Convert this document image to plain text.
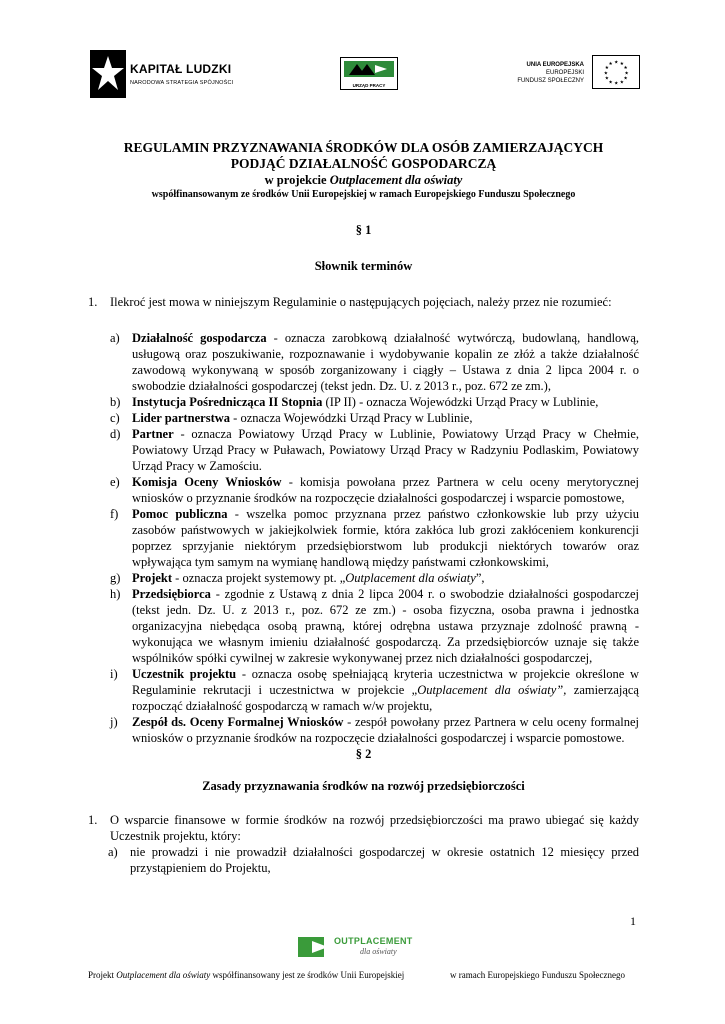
KAPITAŁ LUDZKI
NARODOWA STRATEGIA SPÓJNOŚCI	URZĄD PRACY
UNIA EUROPEJSKA
EUROPEJSKI
FUNDUSZ SPOŁECZNY
★ ★
★
★
★
★
★
★
★
★
★
★
REGULAMIN PRZYZNAWANIA ŚRODKÓW DLA OSÓB ZAMIERZAJĄCYCH
PODJĄĆ DZIAŁALNOŚĆ GOSPODARCZĄ
w projekcie Outplacement dla oświaty
współfinansowanym ze środków Unii Europejskiej w ramach Europejskiego Funduszu Społecznego
§ 1
Słownik terminów
1. Ilekroć jest mowa w niniejszym Regulaminie o następujących pojęciach, należy przez nie rozumieć:
a) Działalność gospodarcza - oznacza zarobkową działalność wytwórczą, budowlaną, handlową, usługową oraz poszukiwanie, rozpoznawanie i wydobywanie kopalin ze złóż a także działalność zawodową wykonywaną w sposób zorganizowany i ciągły – Ustawa z dnia 2 lipca 2004 r. o swobodzie działalności gospodarczej (tekst jedn. Dz. U. z 2013 r., poz. 672 ze zm.),
b) Instytucja Pośrednicząca II Stopnia (IP II) - oznacza Wojewódzki Urząd Pracy w Lublinie,
c) Lider partnerstwa - oznacza Wojewódzki Urząd Pracy w Lublinie,
d) Partner - oznacza Powiatowy Urząd Pracy w Lublinie, Powiatowy Urząd Pracy w Chełmie, Powiatowy Urząd Pracy w Puławach, Powiatowy Urząd Pracy w Radzyniu Podlaskim, Powiatowy Urząd Pracy w Zamościu.
e) Komisja Oceny Wniosków - komisja powołana przez Partnera w celu oceny merytorycznej wniosków o przyznanie środków na rozpoczęcie działalności gospodarczej i wsparcie pomostowe,
f) Pomoc publiczna - wszelka pomoc przyznana przez państwo członkowskie lub przy użyciu zasobów państwowych w jakiejkolwiek formie, która zakłóca lub grozi zakłóceniem konkurencji poprzez sprzyjanie niektórym przedsiębiorstwom lub produkcji niektórych towarów oraz wpływająca tym samym na wymianę handlową między państwami członkowskimi,
g) Projekt - oznacza projekt systemowy pt. „Outplacement dla oświaty”,
h) Przedsiębiorca - zgodnie z Ustawą z dnia 2 lipca 2004 r. o swobodzie działalności gospodarczej (tekst jedn. Dz. U. z 2013 r., poz. 672 ze zm.) - osoba fizyczna, osoba prawna i jednostka organizacyjna niebędąca osobą prawną, której odrębna ustawa przyznaje zdolność prawną - wykonująca we własnym imieniu działalność gospodarczą. Za przedsiębiorców uznaje się także wspólników spółki cywilnej w zakresie wykonywanej przez nich działalności gospodarczej,
i) Uczestnik projektu - oznacza osobę spełniającą kryteria uczestnictwa w projekcie określone w Regulaminie rekrutacji i uczestnictwa w projekcie „Outplacement dla oświaty”, zamierzającą rozpocząć działalność gospodarczą w ramach w/w projektu,
j) Zespół ds. Oceny Formalnej Wniosków - zespół powołany przez Partnera w celu oceny formalnej wniosków o przyznanie środków na rozpoczęcie działalności gospodarczej i wsparcie pomostowe.
§ 2
Zasady przyznawania środków na rozwój przedsiębiorczości
1. O wsparcie finansowe w formie środków na rozwój przedsiębiorczości ma prawo ubiegać się każdy Uczestnik projektu, który:
a) nie prowadzi i nie prowadził działalności gospodarczej w okresie ostatnich 12 miesięcy przed przystąpieniem do Projektu,
1
OUTPLACEMENT
dla oświaty
Projekt Outplacement dla oświaty współfinansowany jest ze środków Unii Europejskiej	w ramach Europejskiego Funduszu Społecznego
